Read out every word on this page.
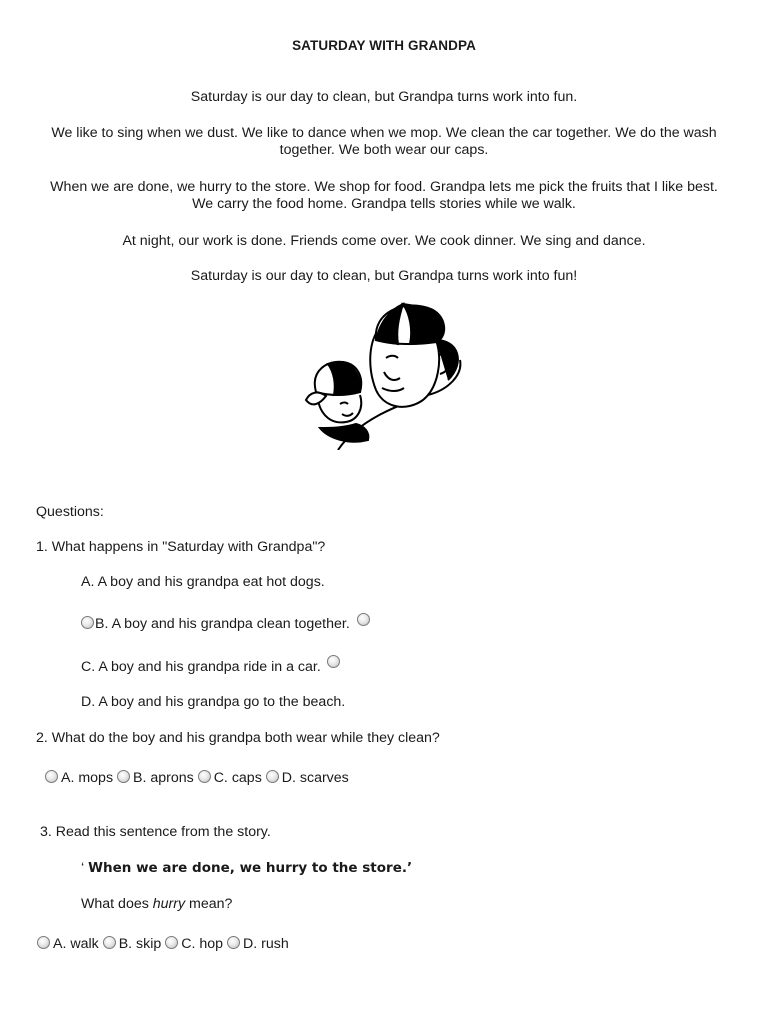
SATURDAY WITH GRANDPA
Saturday is our day to clean, but Grandpa turns work into fun.
We like to sing when we dust. We like to dance when we mop. We clean the car together. We do the wash together. We both wear our caps.
When we are done, we hurry to the store. We shop for food. Grandpa lets me pick the fruits that I like best. We carry the food home. Grandpa tells stories while we walk.
At night, our work is done. Friends come over. We cook dinner. We sing and dance.
Saturday is our day to clean, but Grandpa turns work into fun!
Questions:
1. What happens in "Saturday with Grandpa"?
A. A boy and his grandpa eat hot dogs.
B. A boy and his grandpa clean together.
C. A boy and his grandpa ride in a car.
D. A boy and his grandpa go to the beach.
2. What do the boy and his grandpa both wear while they clean?
A. mops B. aprons C. caps D. scarves
3. Read this sentence from the story.
‘ When we are done, we hurry to the store.’
What does hurry mean?
A. walk B. skip C. hop D. rush
